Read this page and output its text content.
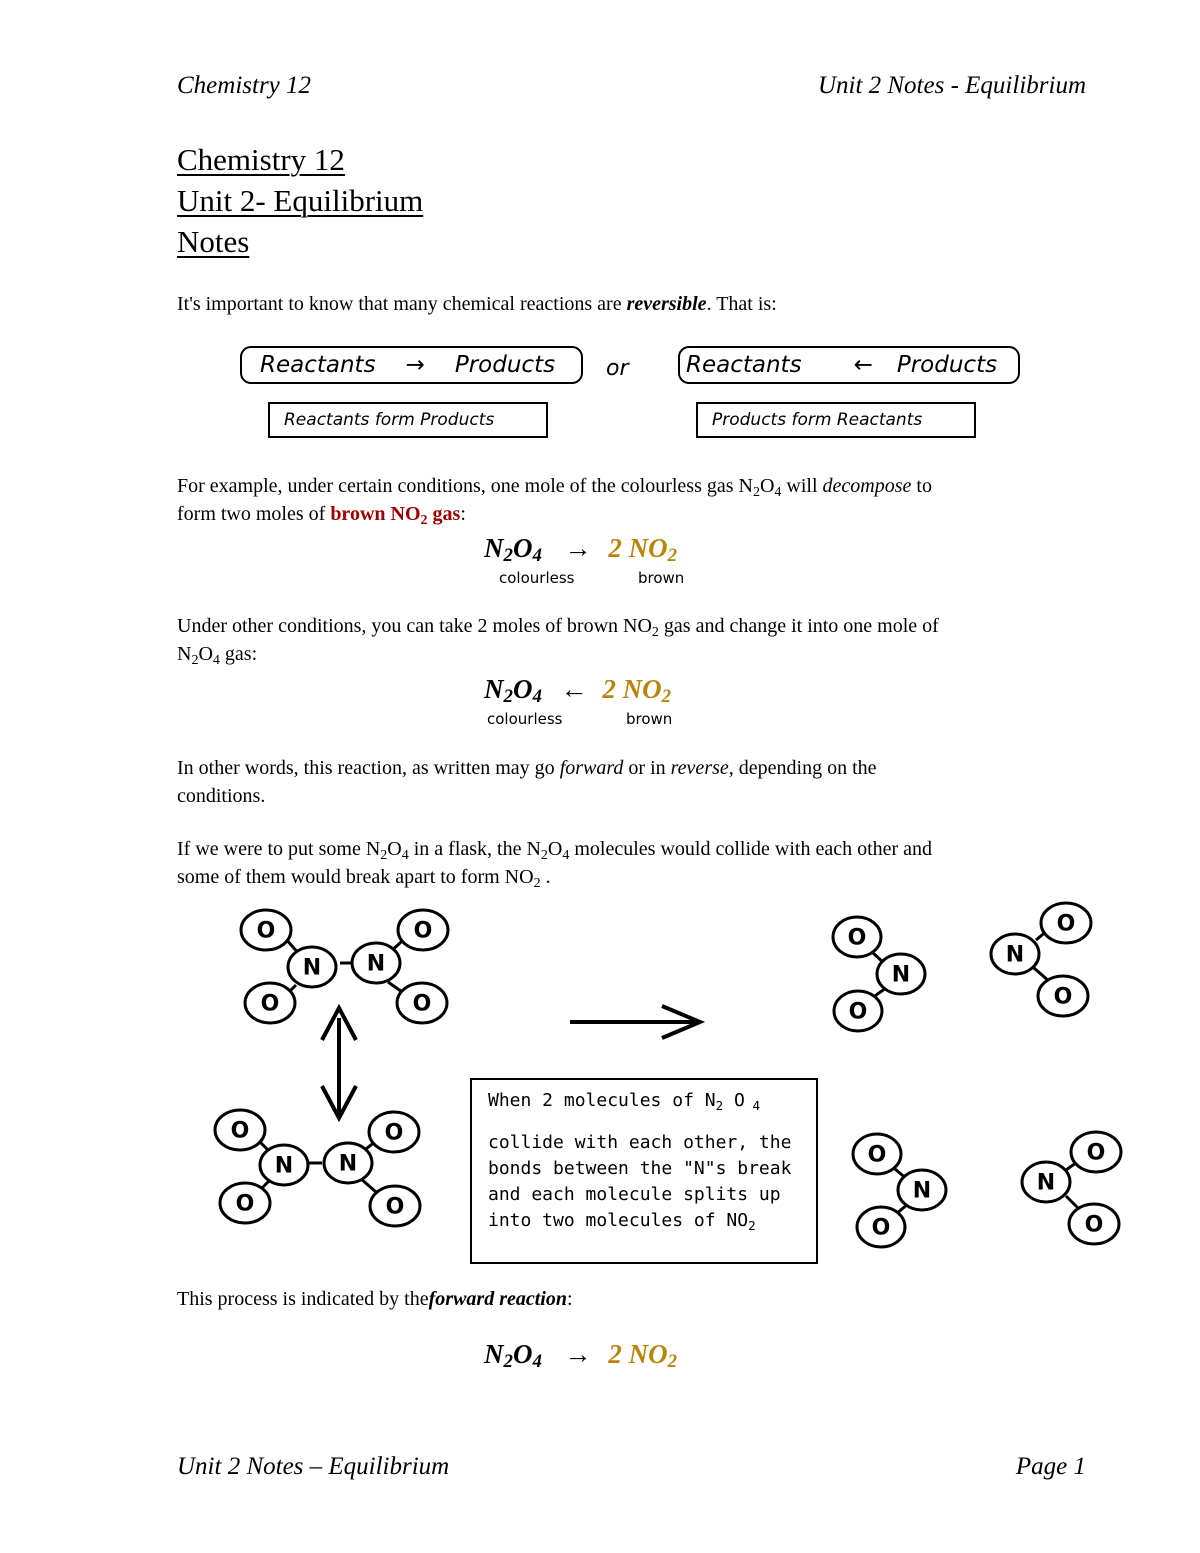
Chemistry 12	Unit 2 Notes - Equilibrium
Chemistry 12
Unit 2- Equilibrium
Notes

It's important to know that many chemical reactions are reversible. That is:

Reactants → Products or Reactants ← Products
Reactants form Products	Products form Reactants

For example, under certain conditions, one mole of the colourless gas $N_2O_4$ will decompose to

form two moles of brown $NO_2$ gas:

$N_2O_4 \to 2$ $NO_2$
colourless	brown

Under other conditions, you can take 2 moles of brown $NO_2$ gas and change it into one mole of

$N_2O_4$ gas:

$N_2O_4$ ← 2 $NO_2$
colourless	brown

In other words, this reaction, as written may go forward or in reverse, depending on the

conditions.

If we were to put some $N_2O_4$ in a flask, the $N_2O_4$ molecules would collide with each other and

some of them would break apart to form $NO_2$ .

O
N N
O
O	O
O
N N
O
O	O
O
N
O
N
O
O
O
N
O
N
O
O

When 2 molecules of $N_2$ O $_4$

collide with each other, the

bonds between the "N"s break

and each molecule splits up

into two molecules of $NO_2$

This process is indicated by theforward reaction:

$N_2O_4 \to 2$ $NO_2$
Unit 2 Notes – Equilibrium	Page 1
